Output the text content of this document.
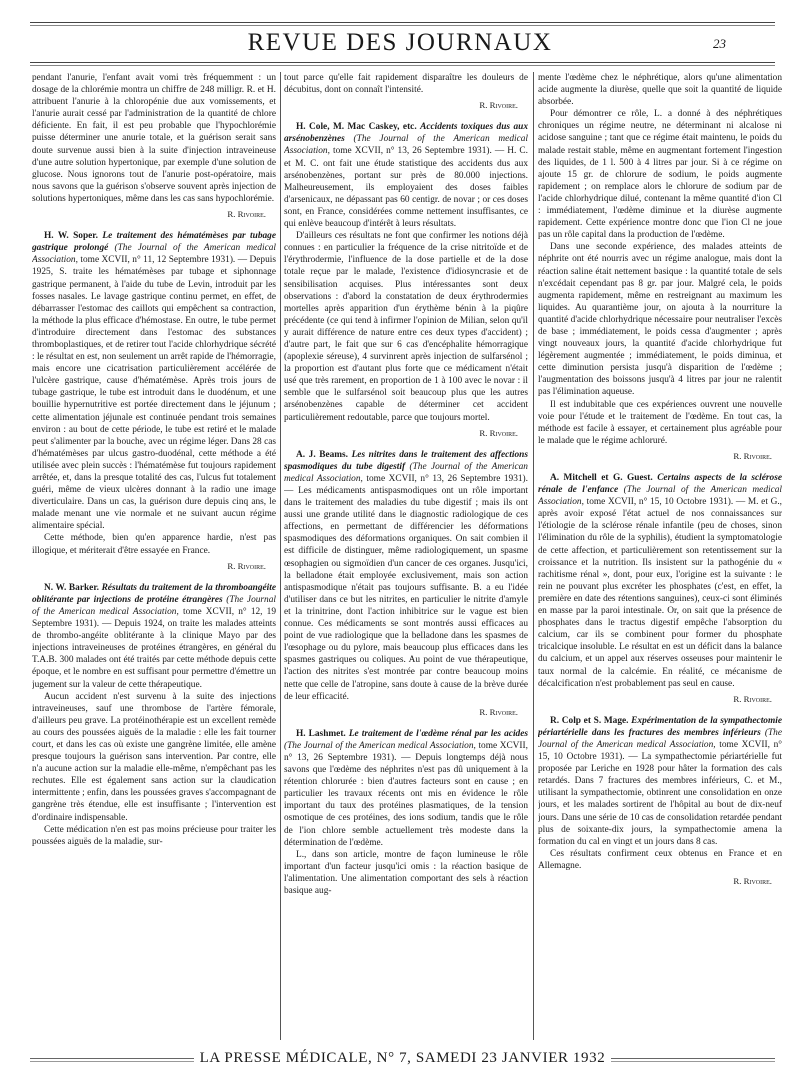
REVUE DES JOURNAUX	23

pendant l'anurie, l'enfant avait vomi très fréquemment : un dosage de la chlorémie montra un chiffre de 248 milligr. R. et H. attribuent l'anurie à la chloropénie due aux vomissements, et l'anurie aurait cessé par l'administration de la quantité de chlore déficiente. En fait, il est peu probable que l'hypochlorémie puisse déterminer une anurie totale, et la guérison serait sans doute survenue aussi bien à la suite d'injection intraveineuse d'une autre solution hypertonique, par exemple d'une solution de glucose. Nous ignorons tout de l'anurie post-opératoire, mais nous savons que la guérison s'observe souvent après injection de solutions hypertoniques, même dans les cas sans hypochlorémie.

R. Rivoire.

H. W. Soper. Le traitement des hématémèses par tubage gastrique prolongé (The Journal of the American medical Association, tome XCVII, n° 11, 12 Septembre 1931). — Depuis 1925, S. traite les hématémèses par tubage et siphonnage gastrique permanent, à l'aide du tube de Levin, introduit par les fosses nasales. Le lavage gastrique continu permet, en effet, de débarrasser l'estomac des caillots qui empêchent sa contraction, la méthode la plus efficace d'hémostase. En outre, le tube permet d'introduire directement dans l'estomac des substances thromboplastiques, et de retirer tout l'acide chlorhydrique sécrété : le résultat en est, non seulement un arrêt rapide de l'hémorragie, mais encore une cicatrisation particulièrement accélérée de l'ulcère gastrique, cause d'hématémèse. Après trois jours de tubage gastrique, le tube est introduit dans le duodénum, et une bouillie hypernutritive est portée directement dans le jéjunum ; cette alimentation jéjunale est continuée pendant trois semaines environ : au bout de cette période, le tube est retiré et le malade peut s'alimenter par la bouche, avec un régime léger. Dans 28 cas d'hématémèses par ulcus gastro-duodénal, cette méthode a été utilisée avec plein succès : l'hématémèse fut toujours rapidement arrêtée, et, dans la presque totalité des cas, l'ulcus fut totalement guéri, même de vieux ulcères donnant à la radio une image diverticulaire. Dans un cas, la guérison dure depuis cinq ans, le malade menant une vie normale et ne suivant aucun régime alimentaire spécial.

Cette méthode, bien qu'en apparence hardie, n'est pas illogique, et mériterait d'être essayée en France.

R. Rivoire.

N. W. Barker. Résultats du traitement de la thromboangéite oblitérante par injections de protéine étrangères (The Journal of the American medical Association, tome XCVII, n° 12, 19 Septembre 1931). — Depuis 1924, on traite les malades atteints de thrombo-angéite oblitérante à la clinique Mayo par des injections intraveineuses de protéines étrangères, en général du T.A.B. 300 malades ont été traités par cette méthode depuis cette époque, et le nombre en est suffisant pour permettre d'émettre un jugement sur la valeur de cette thérapeutique.

Aucun accident n'est survenu à la suite des injections intraveineuses, sauf une thrombose de l'artère fémorale, d'ailleurs peu grave. La protéinothérapie est un excellent remède au cours des poussées aiguës de la maladie : elle les fait tourner court, et dans les cas où existe une gangrène limitée, elle amène presque toujours la guérison sans intervention. Par contre, elle n'a aucune action sur la maladie elle-même, n'empêchant pas les rechutes. Elle est également sans action sur la claudication intermittente ; enfin, dans les poussées graves s'accompagnant de gangrène très étendue, elle est insuffisante ; l'intervention est d'ordinaire indispensable.

Cette médication n'en est pas moins précieuse pour traiter les poussées aiguës de la maladie, sur-

tout parce qu'elle fait rapidement disparaître les douleurs de décubitus, dont on connaît l'intensité.

R. Rivoire.

H. Cole, M. Mac Caskey, etc. Accidents toxiques dus aux arsénobenzènes (The Journal of the American medical Association, tome XCVII, n° 13, 26 Septembre 1931). — H. C. et M. C. ont fait une étude statistique des accidents dus aux arsénobenzènes, portant sur près de 80.000 injections. Malheureusement, ils employaient des doses faibles d'arsenicaux, ne dépassant pas 60 centigr. de novar ; or ces doses sont, en France, considérées comme nettement insuffisantes, ce qui enlève beaucoup d'intérêt à leurs résultats.

D'ailleurs ces résultats ne font que confirmer les notions déjà connues : en particulier la fréquence de la crise nitritoïde et de l'érythrodermie, l'influence de la dose partielle et de la dose totale reçue par le malade, l'existence d'idiosyncrasie et de sensibilisation acquises. Plus intéressantes sont deux observations : d'abord la constatation de deux érythrodermies mortelles après apparition d'un érythème bénin à la piqûre précédente (ce qui tend à infirmer l'opinion de Milian, selon qu'il y aurait différence de nature entre ces deux types d'accident) ; d'autre part, le fait que sur 6 cas d'encéphalite hémorragique (apoplexie séreuse), 4 survinrent après injection de sulfarsénol ; la proportion est d'autant plus forte que ce médicament n'était usé que très rarement, en proportion de 1 à 100 avec le novar : il semble que le sulfarsénol soit beaucoup plus que les autres arsénobenzènes capable de déterminer cet accident particulièrement redoutable, parce que toujours mortel.

R. Rivoire.

A. J. Beams. Les nitrites dans le traitement des affections spasmodiques du tube digestif (The Journal of the American medical Association, tome XCVII, n° 13, 26 Septembre 1931). — Les médicaments antispasmodiques ont un rôle important dans le traitement des maladies du tube digestif ; mais ils ont aussi une grande utilité dans le diagnostic radiologique de ces affections, en permettant de différencier les déformations spasmodiques des déformations organiques. On sait combien il est difficile de distinguer, même radiologiquement, un spasme œsophagien ou sigmoïdien d'un cancer de ces organes. Jusqu'ici, la belladone était employée exclusivement, mais son action antispasmodique n'était pas toujours suffisante. B. a eu l'idée d'utiliser dans ce but les nitrites, en particulier le nitrite d'amyle et la trinitrine, dont l'action inhibitrice sur le vague est bien connue. Ces médicaments se sont montrés aussi efficaces au point de vue radiologique que la belladone dans les spasmes de l'œsophage ou du pylore, mais beaucoup plus efficaces dans les spasmes gastriques ou coliques. Au point de vue thérapeutique, l'action des nitrites s'est montrée par contre beaucoup moins nette que celle de l'atropine, sans doute à cause de la brève durée de leur efficacité.

R. Rivoire.

H. Lashmet. Le traitement de l'œdème rénal par les acides (The Journal of the American medical Association, tome XCVII, n° 13, 26 Septembre 1931). — Depuis longtemps déjà nous savons que l'œdème des néphrites n'est pas dû uniquement à la rétention chlorurée : bien d'autres facteurs sont en cause ; en particulier les travaux récents ont mis en évidence le rôle important du taux des protéines plasmatiques, de la tension osmotique de ces protéines, des ions sodium, tandis que le rôle de l'ion chlore semble actuellement très modeste dans la détermination de l'œdème.

L., dans son article, montre de façon lumineuse le rôle important d'un facteur jusqu'ici omis : la réaction basique de l'alimentation. Une alimentation comportant des sels à réaction basique aug-

mente l'œdème chez le néphrétique, alors qu'une alimentation acide augmente la diurèse, quelle que soit la quantité de liquide absorbée.

Pour démontrer ce rôle, L. a donné à des néphrétiques chroniques un régime neutre, ne déterminant ni alcalose ni acidose sanguine ; tant que ce régime était maintenu, le poids du malade restait stable, même en augmentant fortement l'ingestion des liquides, de 1 l. 500 à 4 litres par jour. Si à ce régime on ajoute 15 gr. de chlorure de sodium, le poids augmente rapidement ; on remplace alors le chlorure de sodium par de l'acide chlorhydrique dilué, contenant la même quantité d'ion Cl : immédiatement, l'œdème diminue et la diurèse augmente rapidement. Cette expérience montre donc que l'ion Cl ne joue pas un rôle capital dans la production de l'œdème.

Dans une seconde expérience, des malades atteints de néphrite ont été nourris avec un régime analogue, mais dont la réaction saline était nettement basique : la quantité totale de sels n'excédait cependant pas 8 gr. par jour. Malgré cela, le poids augmenta rapidement, même en restreignant au maximum les liquides. Au quarantième jour, on ajouta à la nourriture la quantité d'acide chlorhydrique nécessaire pour neutraliser l'excès de base ; immédiatement, le poids cessa d'augmenter ; après vingt nouveaux jours, la quantité d'acide chlorhydrique fut légèrement augmentée ; immédiatement, le poids diminua, et cette diminution persista jusqu'à disparition de l'œdème ; l'augmentation des boissons jusqu'à 4 litres par jour ne ralentit pas l'élimination aqueuse.

Il est indubitable que ces expériences ouvrent une nouvelle voie pour l'étude et le traitement de l'œdème. En tout cas, la méthode est facile à essayer, et certainement plus agréable pour le malade que le régime achloruré.

R. Rivoire.

A. Mitchell et G. Guest. Certains aspects de la sclérose rénale de l'enfance (The Journal of the American medical Association, tome XCVII, n° 15, 10 Octobre 1931). — M. et G., après avoir exposé l'état actuel de nos connaissances sur l'étiologie de la sclérose rénale infantile (peu de choses, sinon l'élimination du rôle de la syphilis), étudient la symptomatologie de cette affection, et particulièrement son retentissement sur la croissance et la nutrition. Ils insistent sur la pathogénie du « rachitisme rénal », dont, pour eux, l'origine est la suivante : le rein ne pouvant plus excréter les phosphates (c'est, en effet, la première en date des rétentions sanguines), ceux-ci sont éliminés en masse par la paroi intestinale. Or, on sait que la présence de phosphates dans le tractus digestif empêche l'absorption du calcium, car ils se combinent pour former du phosphate tricalcique insoluble. Le résultat en est un déficit dans la balance du calcium, et un appel aux réserves osseuses pour maintenir le taux normal de la calcémie. En réalité, ce mécanisme de décalcification n'est probablement pas seul en cause.

R. Rivoire.

R. Colp et S. Mage. Expérimentation de la sympathectomie périartérielle dans les fractures des membres inférieurs (The Journal of the American medical Association, tome XCVII, n° 15, 10 Octobre 1931). — La sympathectomie périartérielle fut proposée par Leriche en 1928 pour hâter la formation des cals retardés. Dans 7 fractures des membres inférieurs, C. et M., utilisant la sympathectomie, obtinrent une consolidation en onze jours, et les malades sortirent de l'hôpital au bout de dix-neuf jours. Dans une série de 10 cas de consolidation retardée pendant plus de soixante-dix jours, la sympathectomie amena la formation du cal en vingt et un jours dans 8 cas.

Ces résultats confirment ceux obtenus en France et en Allemagne.

R. Rivoire.
LA PRESSE MÉDICALE, N° 7, SAMEDI 23 JANVIER 1932
